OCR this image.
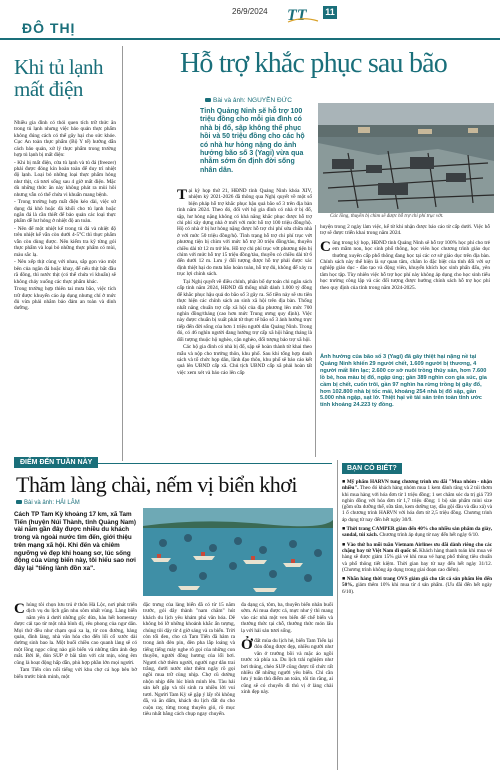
ĐÔ THỊ
26/9/2024 TT 11
Khi tủ lạnh mất điện

Nhiều gia đình có thói quen tích trữ thức ăn trong tủ lạnh nhưng việc bảo quản thực phẩm không đúng cách có thể gây hại cho sức khỏe. Cục An toàn thực phẩm (Bộ Y tế) hướng dẫn cách bảo quản, xử lý thực phẩm trong trường hợp tủ lạnh bị mất điện:

- Khi bị mất điện, cửa tủ lạnh và tủ đá (freezer) phải được đóng kín hoàn toàn để duy trì nhiệt độ lạnh. Loại bỏ những loại thực phẩm hỏng như thịt, cá tươi sống sau 4 giờ mất điện. Mặc dù những thức ăn này không phát ra mùi hôi nhưng vẫn có thể chứa vi khuẩn mang bệnh.

- Trong trường hợp mất điện kéo dài, việc sử dụng đá khô hoặc đá khối cho tủ lạnh hoặc ngăn đá là cần thiết để bảo quản các loại thực phẩm dễ hư hỏng ở nhiệt độ an toàn.

- Nên để một nhiệt kế trong tủ đá và nhiệt độ trên nhiệt kế vẫn còn dưới 4-5°C thì thực phẩm vẫn còn dùng được. Nên kiểm tra kỹ từng gói thực phẩm và loại bỏ những thực phẩm có mùi, màu sắc lạ.

- Nên xếp thịt cùng với nhau, sắp gọn vào một bên của ngăn đá hoặc khay, để nếu thịt bắt đầu rã đông, thì nước thịt (có thể chứa vi khuẩn) sẽ không chảy xuống các thực phẩm khác.

Trong trường hợp thiên tai mưa bão, việc tích trữ được khuyến cáo áp dụng nhưng chỉ ở mức đủ vừa phải nhằm bảo đảm an toàn và dinh dưỡng.

Hỗ trợ khắc phục sau bão
Bài và ảnh: NGUYỄN ĐỨC
Tỉnh Quảng Ninh sẽ hỗ trợ 100 triệu đồng cho mỗi gia đình có nhà bị đổ, sập không thể phục hồi và 50 triệu đồng cho các hộ có nhà hư hỏng nặng do ảnh hưởng bão số 3 (Yagi) vừa qua nhằm sớm ổn định đời sống nhân dân.
Các lồng, thuyền bị chìm sẽ được hỗ trợ chi phí trục vớt.

Tại kỳ họp thứ 21, HĐND tỉnh Quảng Ninh khóa XIV, nhiệm kỳ 2021-2026 đã thông qua Nghị quyết về một số biện pháp hỗ trợ khắc phục hậu quả bão số 3 trên địa bàn tỉnh năm 2024. Theo đó, đối với hộ gia đình có nhà ở bị đổ, sập, hư hỏng nặng không có khả năng khắc phục được hỗ trợ chi phí xây dựng nhà ở mới với mức hỗ trợ 100 triệu đồng/hộ. Hộ có nhà ở bị hư hỏng nặng được hỗ trợ chi phí sửa chữa nhà ở với mức 50 triệu đồng/hộ. Tình trạng hỗ trợ chi phí trục vớt phương tiện bị chìm với mức hỗ trợ 30 triệu đồng/tàu, thuyền chiều dài từ 12 m trở lên. Hỗ trợ chi phí trục vớt phương tiện bị chìm với mức hỗ trợ 15 triệu đồng/tàu, thuyền có chiều dài từ 6 đến dưới 12 m. Lưu ý đối tượng được hỗ trợ phải được xác định thiệt hại do mưa bão hoàn toàn, hỗ trợ đủ, không để xảy ra trục lợi chính sách.

Tại Nghị quyết về điều chỉnh, phân bổ dự toán chi ngân sách cấp tỉnh năm 2024, HĐND đã thống nhất dành 1.000 tỷ đồng để khắc phục hậu quả do bão số 3 gây ra. Số tiền này sẽ ưu tiên thực hiện các chính sách an sinh xã hội trên địa bàn. Thống nhất nâng chuẩn trợ cấp xã hội của địa phương lên mức 700 nghìn đồng/tháng (cao hơn mức Trung ương quy định). Việc này được chuẩn bị xuất phát từ thực tế bão số 3 ảnh hưởng trực tiếp đến đời sống của hơn 1 triệu người dân Quảng Ninh. Trong đó, có 46 nghìn người đang hưởng trợ cấp xã hội hằng tháng là đối tượng thuộc hộ nghèo, cận nghèo, đối tượng bảo trợ xã hội.

Các hộ gia đình có nhà bị đổ, sập sẽ hoàn thành từ khai theo mẫu và nộp cho trưởng thôn, khu phố. Sau khi tổng hợp danh sách và tổ chức họp dân, lãnh đạo thôn, khu phố sẽ báo cáo kết quả lên UBND cấp xã. Chủ tịch UBND cấp xã phải hoàn tất việc xem xét và báo cáo lên cấp

huyện trong 2 ngày làm việc, kể từ khi nhận được báo cáo từ cấp dưới. Việc hỗ trợ sẽ được triển khai trong năm 2024.

Cũng trong kỳ họp, HĐND tỉnh Quảng Ninh sẽ hỗ trợ 100% học phí cho trẻ em mầm non, học sinh phổ thông, học viên học chương trình giáo dục thường xuyên cấp phổ thông đang học tại các cơ sở giáo dục trên địa bàn. Chính sách này thể hiện là sự quan tâm, chăm lo đặc biệt của tỉnh đối với sự nghiệp giáo dục - đào tạo và động viên, khuyến khích học sinh phấn đấu, yên tâm học tập. Tùy nhiên việc hỗ trợ học phí này không áp dụng cho học sinh tiểu học trường công lập và các đối tượng được hưởng chính sách hỗ trợ học phí theo quy định của tỉnh trong năm 2024-2025.

Ảnh hưởng của bão số 3 (Yagi) đã gây thiệt hại nặng nề tại Quảng Ninh khiến 29 người chết, 1.609 người bị thương, 4 người mất liên lạc; 2.600 cơ sở nuôi trồng thủy sản, hơn 7.600 lồ bè, hoa màu bị đổ, ngập úng; gần 389 nghìn con gia súc, gia cầm bị chết, cuốn trôi, gần 97 nghìn ha rừng trồng bị gãy đổ, hơn 102.800 nhà bị tốc mái, khoảng 254 nhà bị đổ sập, gần 5.000 nhà ngập, sạt lở. Thiệt hại về tài sản trên toàn tỉnh ước tính khoảng 24.223 tỷ đồng.
ĐIỂM ĐẾN TUẦN NÀY
Thăm làng chài, nếm vị biển khơi
Bài và ảnh: HẢI LÂM
Cách TP Tam Kỳ khoảng 17 km, xã Tam Tiến (huyện Núi Thành, tỉnh Quảng Nam) vài năm gần đây được nhiều du khách trong và ngoài nước tìm đến, giới thiệu trên mạng xã hội. Khi đến và chiêm ngưỡng vẻ đẹp khi hoang sơ, lúc sống động của vùng biển này, tôi hiểu sao nơi đây lại "tiếng lành đồn xa".

Chúng tôi chọn lưu trú ở thôn Hà Lộc, nơi phát triển dịch vụ du lịch gắn nhu sôm nhất vùng. Làng biển nằm yên ả dưới những gốc dừa, hàu hết homestay được cải tạo từ một nhà bình dị, rêu phong của ngư dân. Mọi thứ đều như chạm quá xa lạ, từ con đường, hàng quán, đình làng, nhà văn hóa cho đến lối cổ xước dài dường sinh bao la. Một buổi chiều cao quanh làng sẽ có một lồng ngọc công nào giò biển và những tấm ảnh đẹp mắt. Bởi lẽ, đón SUP ở bãi tắm với cát mịn, sóng êm cũng là hoạt động hấp dẫn, phù hợp phần lớn mọi người.

Tam Tiến còn nổi tiếng với khu chợ cá họp bên bờ biển trước bình minh, một

đặc trưng của làng biển đã có từ 15 năm trước, gói dây thành "nam chăm" hút khách du lịch yêu khám phá văn hóa. Dê không bỏ lỡ những khoảnh khắc ấn tượng, chúng tôi dậy từ 4 giờ sáng và ra biển. Trời còn tối đen, cho cả Tam Tiến đã hâm ra trong ánh đèn pin, đèn pha lắp loáng và tiếng tiếng máy nghe rõ gọi của những con thuyền, người đồng hương của lối bơi. Ngươi chờ thêm người, người ngư dân trai trắng, dưới nước như thêm ngây rõ gọi ngồi mua trữ cùng nhịp. Chợ cũ dường nhộn nhịp đến lúc bình minh lên. Tàu hải sản kết gặp và tôi sinh ra nhiều lời vui tươi. Người Tam Kỳ sẽ gặp ý lấy rồi không đã, và ăn dấm, khách du lịch đất du cho cuộn ray, từng trong thuyền giỏ, rõ mục tiêu nhất bằng cách chụp ngay chuyến.

đa dạng cá, tôm, ba, thuyền biển nhân buổi sớm. Ai mua được cá, mực như ý thì mang vào các nhà một ven biển để chế biến và thưởng thức tại chỗ, thưởng thức món lẩu lạ với hải sản tươi sống.

Ởđất mùa du lịch hè, biển Tam Tiến lại đón đông được đẹp, nhiều người như vãn ở trường bồi và mặc áo ngồi trước xà phía xa. Du lịch trải nghiệm như bơi thúng, chèo SUP cũng được tổ chức rất nhiều để những người yêu biển. Chỉ cần lưu ý tuân thủ điểm an toàn, tôi tin rằng, ai cũng sẽ có chuyến đi thú vị ở làng chài xinh đẹp này.

BẠN CÓ BIẾT?

■ Mỹ phẩm HARVN tung chương trình ưu đãi "Mua nhóm - nhận nhiều". Theo đó khách hàng nhóm mua 1 kem đánh răng và 2 túi thơm khi mua hàng với hóa đơn từ 1 triệu đồng; 1 set chăm sóc da trị giá 739 nghìn đồng với hóa đơn từ 1,7 triệu đồng; 1 bộ sản phẩm mini size (gồm sữa dưỡng thể, sữa tắm, kem dưỡng tay, dầu gội đầu và dầu xả) và 1 ổ chương trình HARVN với hóa đơn từ 2,5 triệu đồng. Chương trình áp dụng từ nay đến hết ngày 30/9.

■ Thời trang CAMPER giảm đến 40% cho nhiều sản phẩm da giày, sandal, túi xách. Chương trình áp dụng từ nay đến hết ngày 6/10.

■ Vào thứ ba mỗi tuần Vietnam Airlines ưu đãi dành riêng cho các chặng bay từ Việt Nam đi quốc tế. Khách hàng thanh toán khi mua vé hàng sẽ được giảm 15% giá vé khi mua vé hạng phổ thông tiêu chuẩn và phổ thông tiết kiệm. Thời gian bay từ nay đến hết ngày 31/12. (Chương trình không áp dụng trong giai đoạn cao điểm).

■ Nhãn hàng thời trang OVS giảm giá cho tất cả sản phẩm lên đến 50%, giảm thêm 10% khi mua từ 4 sản phẩm. (Ưu đãi đến hết ngày 6/10).
